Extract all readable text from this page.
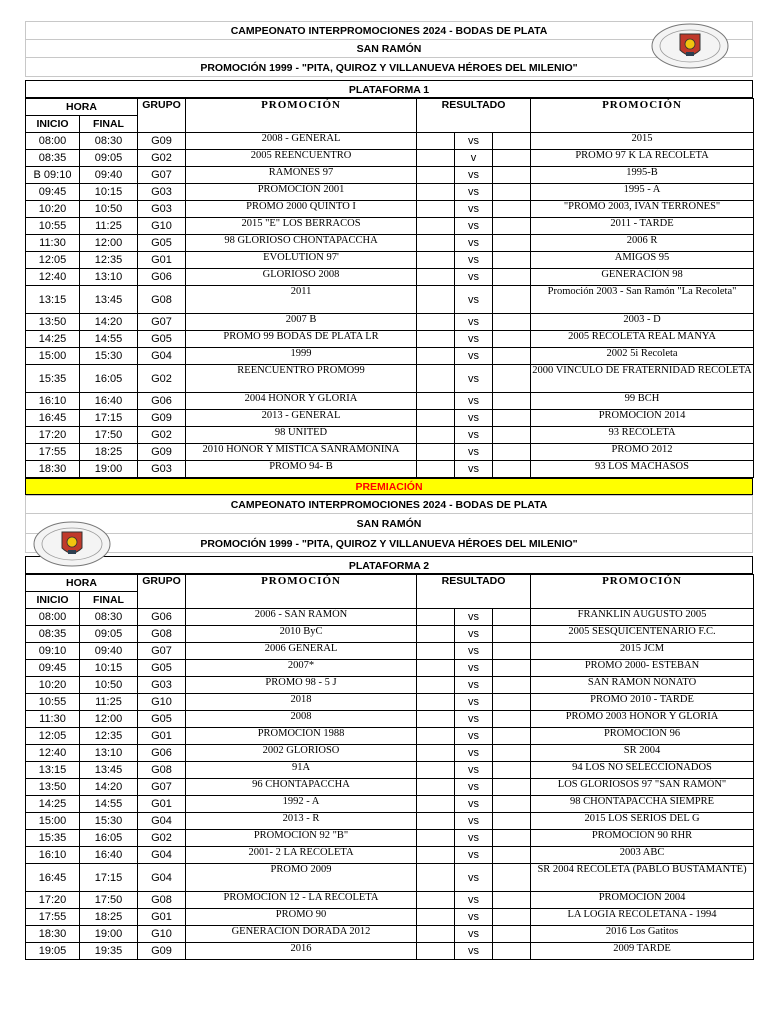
CAMPEONATO INTERPROMOCIONES 2024 - BODAS DE PLATA
SAN RAMÓN
PROMOCIÓN 1999 - "PITA, QUIROZ Y VILLANUEVA HÉROES DEL MILENIO"
PLATAFORMA 1
HORA		GRUPO	PROMOCIÓN	RESULTADO			PROMOCIÓN
INICIO	FINAL						
08:00	08:30	G09	2008 - GENERAL		vs		2015
08:35	09:05	G02	2005 REENCUENTRO		v		PROMO 97 K LA RECOLETA
B 09:10	09:40	G07	RAMONES 97		vs		1995-B
09:45	10:15	G03	PROMOCIÓN 2001		vs		1995 - A
10:20	10:50	G03	PROMO 2000 QUINTO I		vs		"PROMO 2003, IVAN TERRONES"
10:55	11:25	G10	2015 "E" LOS BERRACOS		vs		2011 - TARDE
11:30	12:00	G05	98 GLORIOSO CHONTAPACCHA		vs		2006 R
12:05	12:35	G01	EVOLUTION 97'		vs		AMIGOS 95
12:40	13:10	G06	GLORIOSO 2008		vs		GENERACIÓN 98
13:15	13:45	G08	2011		vs		Promoción 2003 - San Ramón "La Recoleta"
13:50	14:20	G07	2007 B		vs		2003 - D
14:25	14:55	G05	PROMO 99 BODAS DE PLATA LR		vs		2005 RECOLETA REAL MANYA
15:00	15:30	G04	1999		vs		2002 5i Recoleta
15:35	16:05	G02	REENCUENTRO PROMO99		vs		2000 VINCULO DE FRATERNIDAD RECOLETA
16:10	16:40	G06	2004 HONOR Y GLORIA		vs		99 BCH
16:45	17:15	G09	2013 - GENERAL		vs		PROMOCION 2014
17:20	17:50	G02	98 UNITED		vs		93 RECOLETA
17:55	18:25	G09	2010 HONOR Y MISTICA SANRAMONINA		vs		PROMO 2012
18:30	19:00	G03	PROMO 94- B		vs		93 LOS MACHASOS
PREMIACIÓN
CAMPEONATO INTERPROMOCIONES 2024 - BODAS DE PLATA
SAN RAMÓN
PROMOCIÓN 1999 - "PITA, QUIROZ Y VILLANUEVA HÉROES DEL MILENIO"
PLATAFORMA 2
HORA		GRUPO	PROMOCIÓN	RESULTADO			PROMOCIÓN
INICIO	FINAL						
08:00	08:30	G06	2006 - SAN RAMÓN		vs		FRANKLIN AUGUSTO 2005
08:35	09:05	G08	2010 ByC		vs		2005 SESQUICENTENARIO F.C.
09:10	09:40	G07	2006 GENERAL		vs		2015 JCM
09:45	10:15	G05	2007*		vs		PROMO 2000- ESTEBAN
10:20	10:50	G03	PROMO 98 - 5 J		vs		SAN RAMON NONATO
10:55	11:25	G10	2018		vs		PROMO 2010 - TARDE
11:30	12:00	G05	2008		vs		PROMO 2003 HONOR Y GLORIA
12:05	12:35	G01	PROMOCIÓN 1988		vs		PROMOCION 96
12:40	13:10	G06	2002 GLORIOSO		vs		SR 2004
13:15	13:45	G08	91A		vs		94 LOS NO SELECCIONADOS
13:50	14:20	G07	96 CHONTAPACCHA		vs		LOS GLORIOSOS 97 "SAN RAMÓN"
14:25	14:55	G01	1992 - A		vs		98 CHONTAPACCHA SIEMPRE
15:00	15:30	G04	2013 - R		vs		2015 LOS SERIOS DEL G
15:35	16:05	G02	PROMOCIÓN 92 "B"		vs		PROMOCIÓN 90 RHR
16:10	16:40	G04	2001- 2 LA RECOLETA		vs		2003 ABC
16:45	17:15	G04	PROMO 2009		vs		SR 2004 RECOLETA (PABLO BUSTAMANTE)
17:20	17:50	G08	PROMOCIÓN 12 - LA RECOLETA		vs		PROMOCION 2004
17:55	18:25	G01	PROMO 90		vs		LA LOGIA RECOLETANA - 1994
18:30	19:00	G10	GENERACIÓN DORADA 2012		vs		2016 Los Gatitos
19:05	19:35	G09	2016		vs		2009 TARDE
